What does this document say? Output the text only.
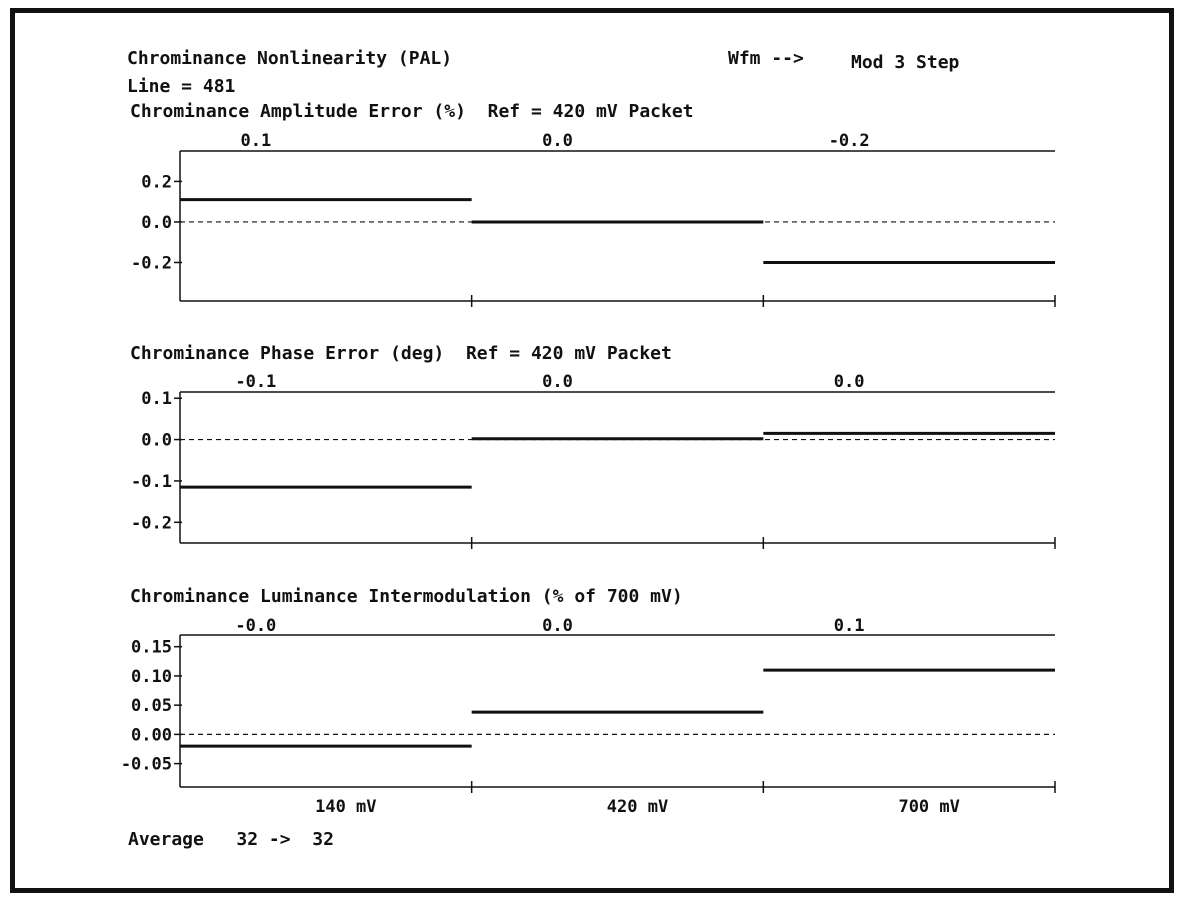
Chrominance Nonlinearity (PAL)	Wfm -->	Mod 3 Step
Line = 481
Chrominance Amplitude Error (%)  Ref = 420 mV Packet
Chrominance Phase Error (deg)  Ref = 420 mV Packet
Chrominance Luminance Intermodulation (% of 700 mV)
Average   32 ->  32
0.2
0.0
-0.2
0.1	0.0	-0.2
0.1
0.0
-0.1
-0.2
-0.1	0.0	0.0
0.15
0.10
0.05
0.00
-0.05
-0.0	0.0	0.1
140 mV	420 mV	700 mV
